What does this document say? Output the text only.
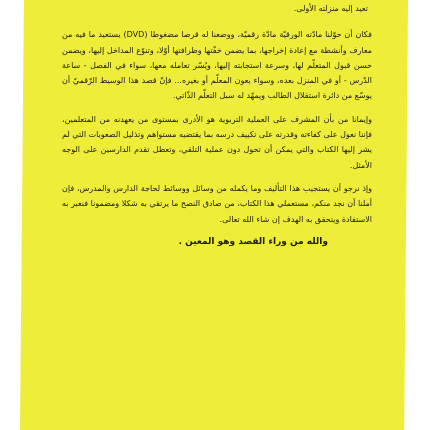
تعيد إليه منزلته الأولى.

فكان أن حوّلنا مادّته الورقيّة مادّة رقميّة، ووضعنا له قرصا مضغوطا (DVD) يستعيد ما فيه من معارف وأنشطة مع إعادة إخراجها، بما يضمن خفّتها وطرافتها أوّلا، وتنوّع المداخل إليها، ويضمن حسن قبول المتعلّم لها، وسرعة استجابته إليها، ويُسّر تعامله معها، سواء في الفصل - ساعة الدّرس - أو في المنزل بعده، وسواء بعون المعلّم أو بغيره... فإنّ قصد هذا الوسيط الرّقميّ أن يوسّع من دائرة استقلال الطالب ويمهّد له سبل التعلّم الذّاتي.

وإيمانا من بأن المشرف على العملية التربوية هو الأدرى بمستوى من يعهدنه من المتعلمين، فإننا نعول على كفاءته وقدرته على تكييف درسه بما يقتضيه مستواهم وتذليل الصعوبات التي لم يشر إليها الكتاب والتي يمكن أن تحول دون عملية التلقي، وتعطل تقدم الدارسين على الوجه الأمثل.

وإذ نرجو أن يستجيب هذا التأليف وما يكمله من وسائل ووسائط لحاجة الدارس والمدرس، فإن أملنا أن نجد منكم، مستعملي هذا الكتاب، من صادق النصح ما يرتقي به شكلا ومضمونا فنعبر به الاستفادة ويتحقق به الهدف إن شاء الله تعالى.

والله من وراء القصد وهو المعين .
